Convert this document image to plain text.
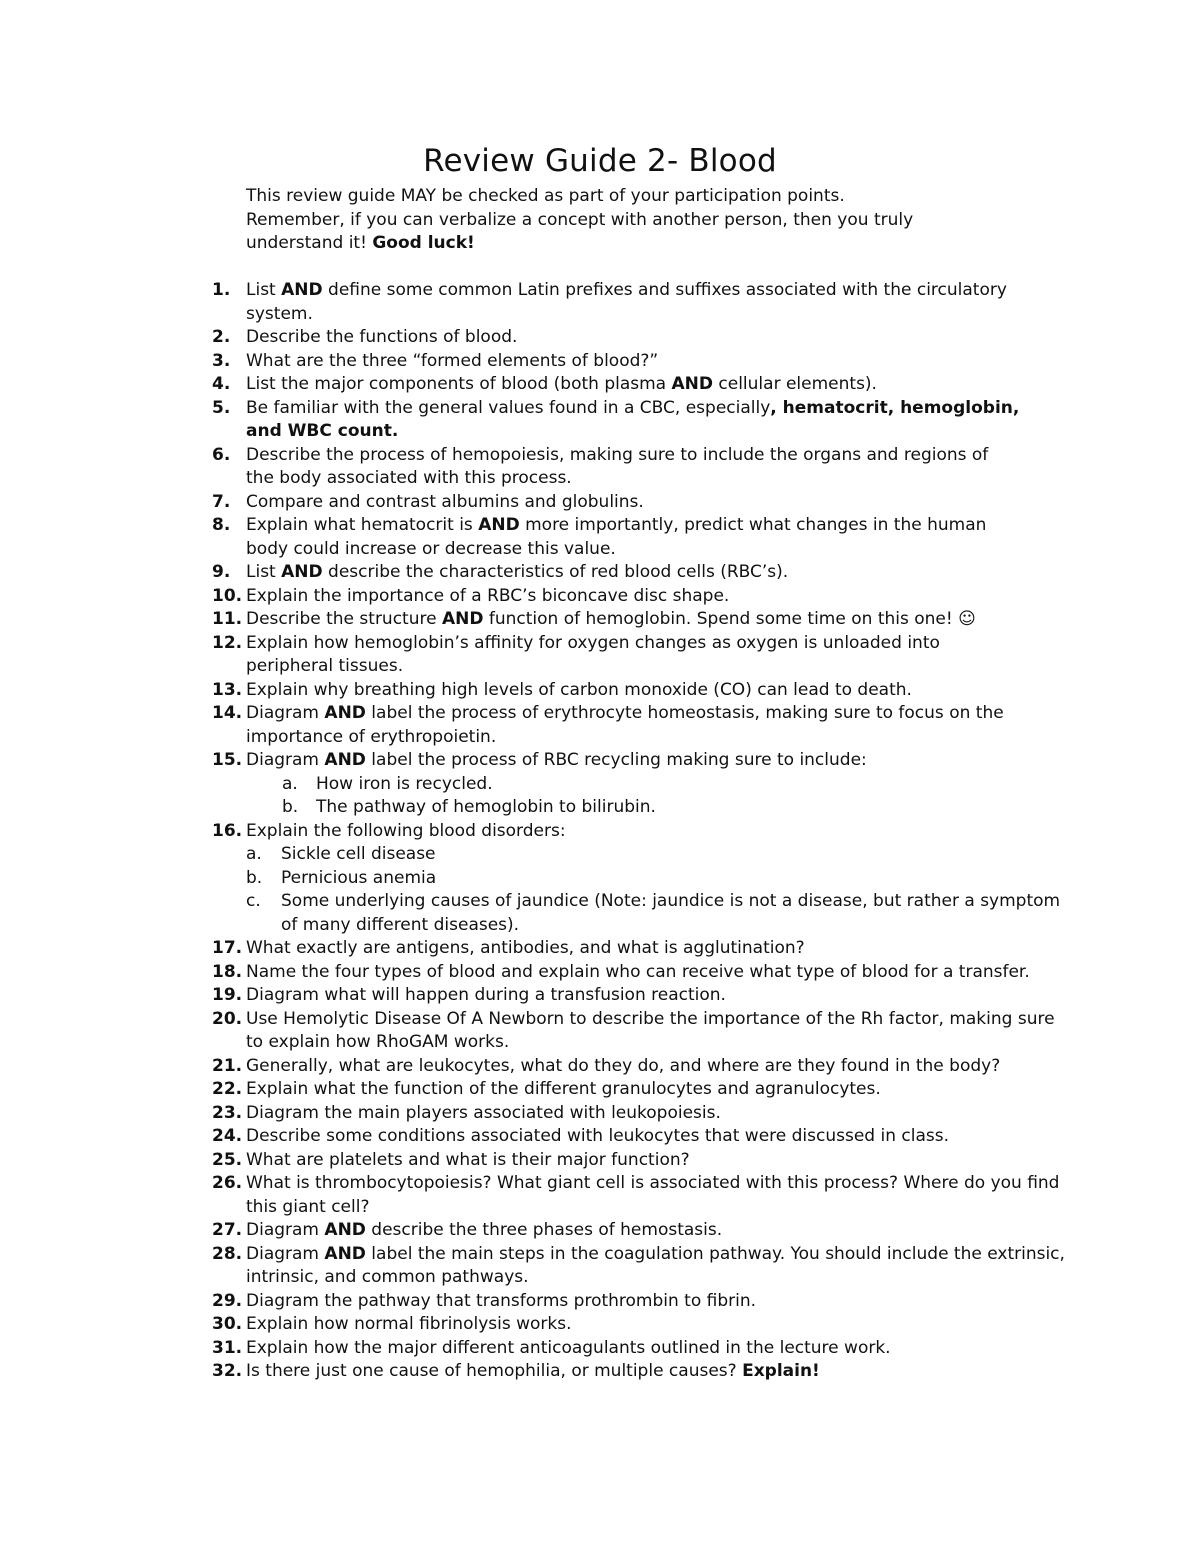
Review Guide 2- Blood
This review guide MAY be checked as part of your participation points.
Remember, if you can verbalize a concept with another person, then you truly
understand it! Good luck!
1. List AND define some common Latin prefixes and suffixes associated with the circulatory
system.
2. Describe the functions of blood.
3. What are the three “formed elements of blood?”
4. List the major components of blood (both plasma AND cellular elements).
5. Be familiar with the general values found in a CBC, especially, hematocrit, hemoglobin,
and WBC count.
6. Describe the process of hemopoiesis, making sure to include the organs and regions of
the body associated with this process.
7. Compare and contrast albumins and globulins.
8. Explain what hematocrit is AND more importantly, predict what changes in the human
body could increase or decrease this value.
9. List AND describe the characteristics of red blood cells (RBC’s).
10. Explain the importance of a RBC’s biconcave disc shape.
11. Describe the structure AND function of hemoglobin. Spend some time on this one! ☺
12. Explain how hemoglobin’s affinity for oxygen changes as oxygen is unloaded into
peripheral tissues.
13. Explain why breathing high levels of carbon monoxide (CO) can lead to death.
14. Diagram AND label the process of erythrocyte homeostasis, making sure to focus on the
importance of erythropoietin.
15. Diagram AND label the process of RBC recycling making sure to include:
a. How iron is recycled.
b. The pathway of hemoglobin to bilirubin.
16. Explain the following blood disorders:
a. Sickle cell disease
b. Pernicious anemia
c. Some underlying causes of jaundice (Note: jaundice is not a disease, but rather a symptom
of many different diseases).
17. What exactly are antigens, antibodies, and what is agglutination?
18. Name the four types of blood and explain who can receive what type of blood for a transfer.
19. Diagram what will happen during a transfusion reaction.
20. Use Hemolytic Disease Of A Newborn to describe the importance of the Rh factor, making sure
to explain how RhoGAM works.
21. Generally, what are leukocytes, what do they do, and where are they found in the body?
22. Explain what the function of the different granulocytes and agranulocytes.
23. Diagram the main players associated with leukopoiesis.
24. Describe some conditions associated with leukocytes that were discussed in class.
25. What are platelets and what is their major function?
26. What is thrombocytopoiesis? What giant cell is associated with this process? Where do you find
this giant cell?
27. Diagram AND describe the three phases of hemostasis.
28. Diagram AND label the main steps in the coagulation pathway. You should include the extrinsic,
intrinsic, and common pathways.
29. Diagram the pathway that transforms prothrombin to fibrin.
30. Explain how normal fibrinolysis works.
31. Explain how the major different anticoagulants outlined in the lecture work.
32. Is there just one cause of hemophilia, or multiple causes? Explain!
